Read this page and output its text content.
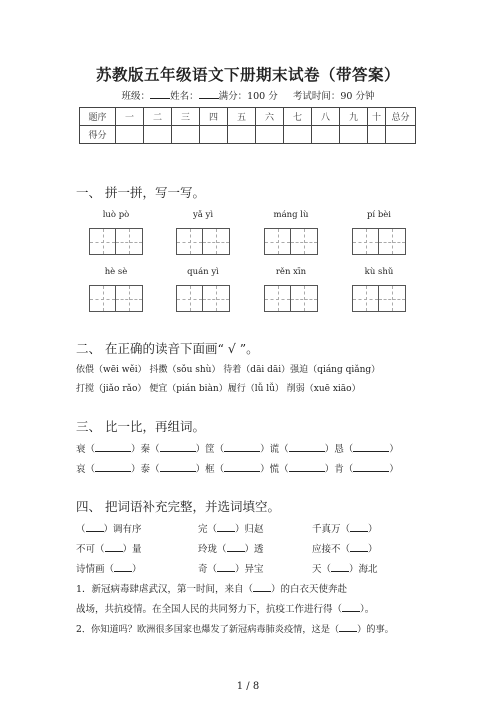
苏教版五年级语文下册期末试卷（带答案）
班级： 姓名： 满分：100 分 考试时间：90 分钟
题序	一	二	三	四	五	六	七	八	九	十	总分
得分											
一、 拼一拼，写一写。
luò pò	yǎ yì	máng lù	pí bèi
hè sè	quán yì	rěn xīn	kù shǔ
二、 在正确的读音下面画“ √ ”。
依偎（wēi wěi） 抖擞（sǒu shù） 待着（dāi dāi）强迫（qiáng qiǎng）
打搅（jiǎo rǎo） 便宜（pián biàn）履行（lǚ lǚ） 削弱（xuē xiāo）
三、 比一比，再组词。
衰（	）秦（	）筐（	）谎（	）恳（	）
哀（	）泰（	）框（	）慌（	）肯（	）
四、 把词语补充完整，并选词填空。
（ ）调有序	完（ ）归赵	千真万（ ）
不可（ ）量	玲珑（ ）透	应接不（ ）
诗情画（ ）	奇（ ）异宝	天（ ）海北
1．新冠病毒肆虐武汉，第一时间，来自（ ）的白衣天使奔赴
战场，共抗疫情。在全国人民的共同努力下，抗疫工作进行得（ ）。
2．你知道吗？欧洲很多国家也爆发了新冠病毒肺炎疫情，这是（ ）的事。
1 / 8
